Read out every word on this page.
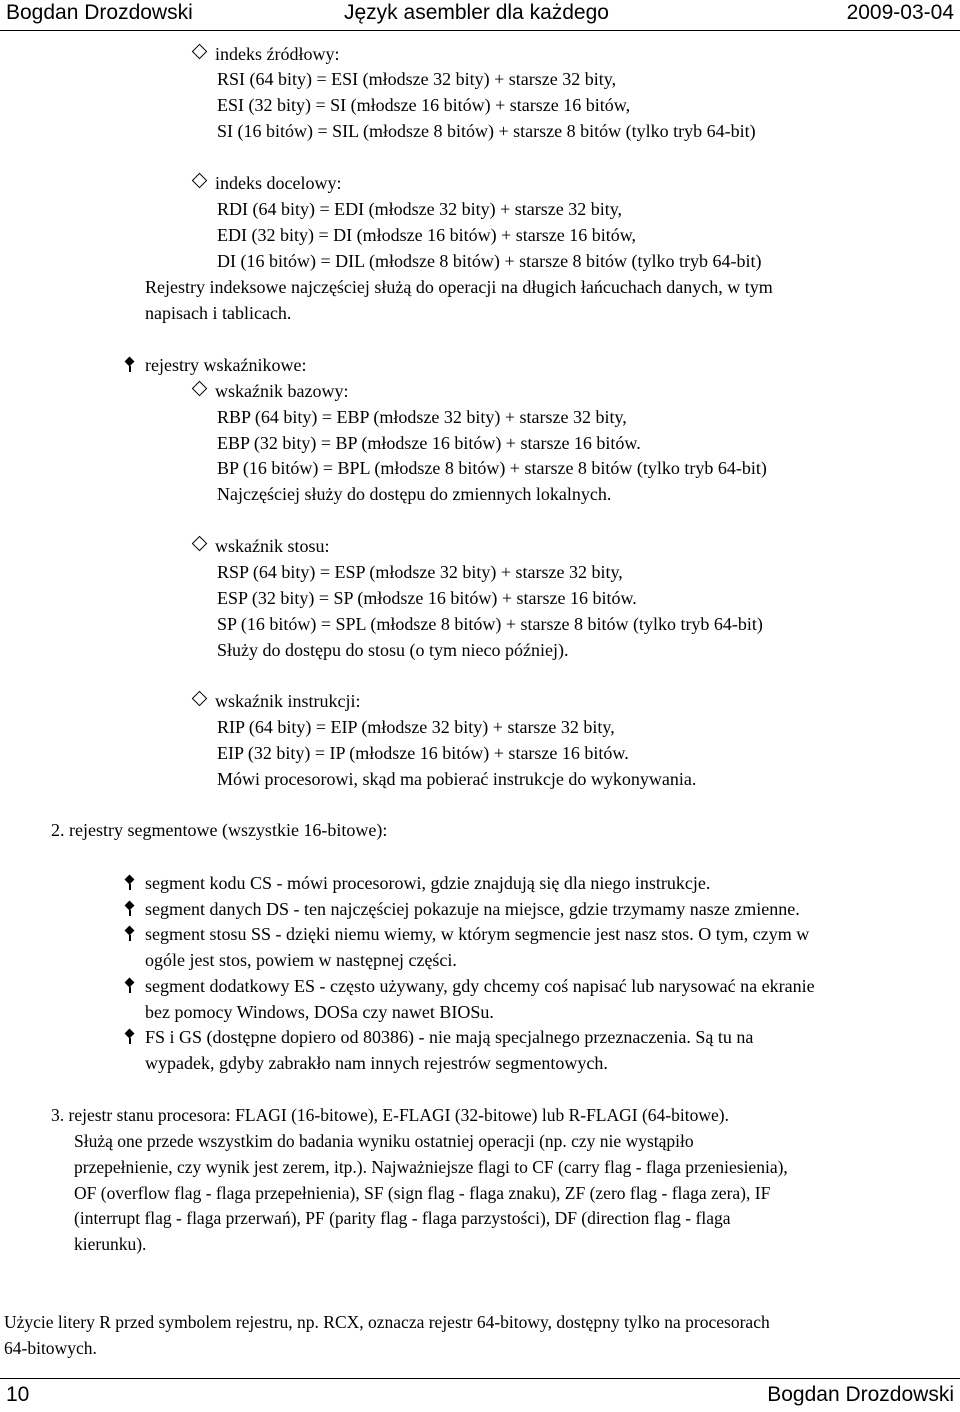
Bogdan Drozdowski	Język asembler dla każdego	2009-03-04
indeks źródłowy:
RSI (64 bity) = ESI (młodsze 32 bity) + starsze 32 bity,
ESI (32 bity) = SI (młodsze 16 bitów) + starsze 16 bitów,
SI (16 bitów) = SIL (młodsze 8 bitów) + starsze 8 bitów (tylko tryb 64-bit)
indeks docelowy:
RDI (64 bity) = EDI (młodsze 32 bity) + starsze 32 bity,
EDI (32 bity) = DI (młodsze 16 bitów) + starsze 16 bitów,
DI (16 bitów) = DIL (młodsze 8 bitów) + starsze 8 bitów (tylko tryb 64-bit)
Rejestry indeksowe najczęściej służą do operacji na długich łańcuchach danych, w tym
napisach i tablicach.
rejestry wskaźnikowe:
wskaźnik bazowy:
RBP (64 bity) = EBP (młodsze 32 bity) + starsze 32 bity,
EBP (32 bity) = BP (młodsze 16 bitów) + starsze 16 bitów.
BP (16 bitów) = BPL (młodsze 8 bitów) + starsze 8 bitów (tylko tryb 64-bit)
Najczęściej służy do dostępu do zmiennych lokalnych.
wskaźnik stosu:
RSP (64 bity) = ESP (młodsze 32 bity) + starsze 32 bity,
ESP (32 bity) = SP (młodsze 16 bitów) + starsze 16 bitów.
SP (16 bitów) = SPL (młodsze 8 bitów) + starsze 8 bitów (tylko tryb 64-bit)
Służy do dostępu do stosu (o tym nieco później).
wskaźnik instrukcji:
RIP (64 bity) = EIP (młodsze 32 bity) + starsze 32 bity,
EIP (32 bity) = IP (młodsze 16 bitów) + starsze 16 bitów.
Mówi procesorowi, skąd ma pobierać instrukcje do wykonywania.
2. rejestry segmentowe (wszystkie 16-bitowe):
segment kodu CS - mówi procesorowi, gdzie znajdują się dla niego instrukcje.
segment danych DS - ten najczęściej pokazuje na miejsce, gdzie trzymamy nasze zmienne.
segment stosu SS - dzięki niemu wiemy, w którym segmencie jest nasz stos. O tym, czym w
ogóle jest stos, powiem w następnej części.
segment dodatkowy ES - często używany, gdy chcemy coś napisać lub narysować na ekranie
bez pomocy Windows, DOSa czy nawet BIOSu.
FS i GS (dostępne dopiero od 80386) - nie mają specjalnego przeznaczenia. Są tu na
wypadek, gdyby zabrakło nam innych rejestrów segmentowych.
3. rejestr stanu procesora: FLAGI (16-bitowe), E-FLAGI (32-bitowe) lub R-FLAGI (64-bitowe).
Służą one przede wszystkim do badania wyniku ostatniej operacji (np. czy nie wystąpiło
przepełnienie, czy wynik jest zerem, itp.). Najważniejsze flagi to CF (carry flag - flaga przeniesienia),
OF (overflow flag - flaga przepełnienia), SF (sign flag - flaga znaku), ZF (zero flag - flaga zera), IF
(interrupt flag - flaga przerwań), PF (parity flag - flaga parzystości), DF (direction flag - flaga
kierunku).
Użycie litery R przed symbolem rejestru, np. RCX, oznacza rejestr 64-bitowy, dostępny tylko na procesorach
64-bitowych.
10	Bogdan Drozdowski
